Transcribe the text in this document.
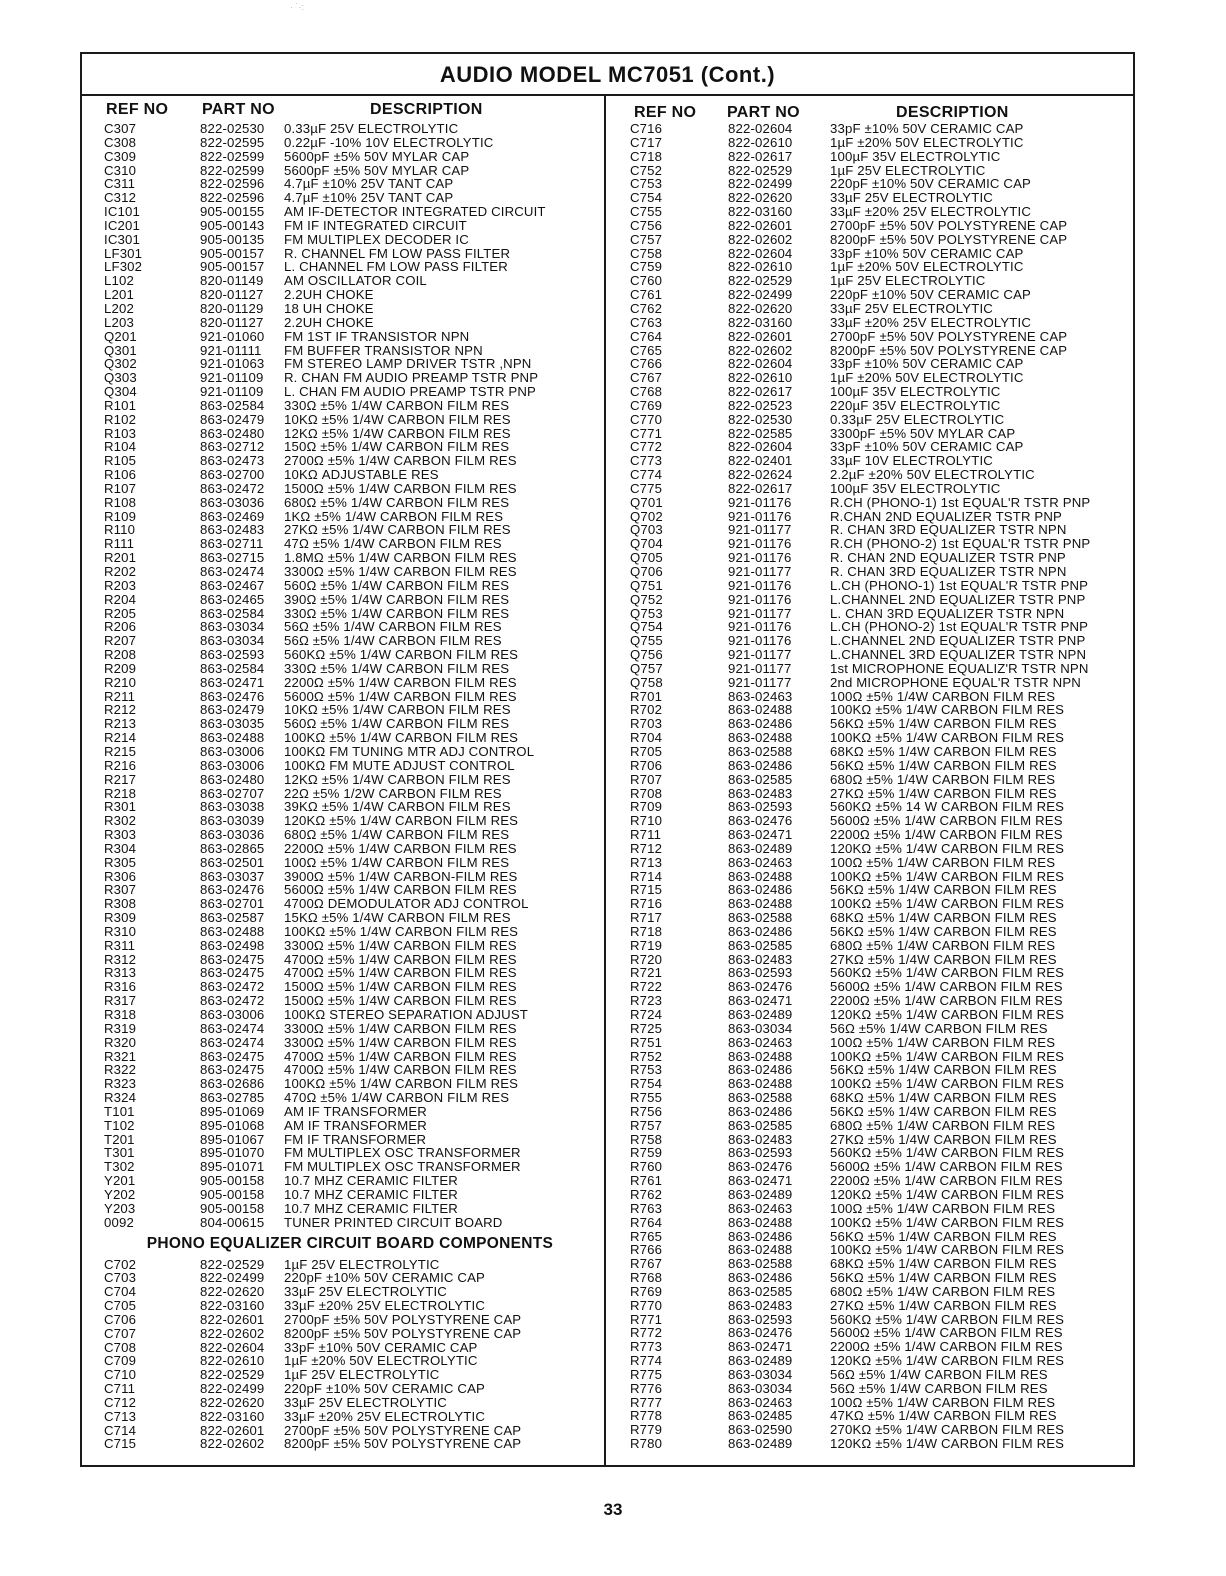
· ˙·:
AUDIO MODEL MC7051 (Cont.)
REF NO PART NO	DESCRIPTION
C307	822-02530 0.33µF 25V ELECTROLYTIC
C308	822-02595 0.22µF -10% 10V ELECTROLYTIC
C309	822-02599 5600pF ±5% 50V MYLAR CAP
C310	822-02599 5600pF ±5% 50V MYLAR CAP
C311	822-02596 4.7µF ±10% 25V TANT CAP
C312	822-02596 4.7µF ±10% 25V TANT CAP
IC101	905-00155 AM IF-DETECTOR INTEGRATED CIRCUIT
IC201	905-00143 FM IF INTEGRATED CIRCUIT
IC301	905-00135 FM MULTIPLEX DECODER IC
LF301	905-00157 R. CHANNEL FM LOW PASS FILTER
LF302	905-00157 L. CHANNEL FM LOW PASS FILTER
L102	820-01149 AM OSCILLATOR COIL
L201	820-01127 2.2UH CHOKE
L202	820-01129 18 UH CHOKE
L203	820-01127 2.2UH CHOKE
Q201	921-01060 FM 1ST IF TRANSISTOR NPN
Q301	921-01111 FM BUFFER TRANSISTOR NPN
Q302	921-01063 FM STEREO LAMP DRIVER TSTR ,NPN
Q303	921-01109 R. CHAN FM AUDIO PREAMP TSTR PNP
Q304	921-01109 L. CHAN FM AUDIO PREAMP TSTR PNP
R101	863-02584 330Ω ±5% 1/4W CARBON FILM RES
R102	863-02479 10KΩ ±5% 1/4W CARBON FILM RES
R103	863-02480 12KΩ ±5% 1/4W CARBON FILM RES
R104	863-02712 150Ω ±5% 1/4W CARBON FILM RES
R105	863-02473 2700Ω ±5% 1/4W CARBON FILM RES
R106	863-02700 10KΩ ADJUSTABLE RES
R107	863-02472 1500Ω ±5% 1/4W CARBON FILM RES
R108	863-03036 680Ω ±5% 1/4W CARBON FILM RES
R109	863-02469 1KΩ ±5% 1/4W CARBON FILM RES
R110	863-02483 27KΩ ±5% 1/4W CARBON FILM RES
R111	863-02711 47Ω ±5% 1/4W CARBON FILM RES
R201	863-02715 1.8MΩ ±5% 1/4W CARBON FILM RES
R202	863-02474 3300Ω ±5% 1/4W CARBON FILM RES
R203	863-02467 560Ω ±5% 1/4W CARBON FILM RES
R204	863-02465 390Ω ±5% 1/4W CARBON FILM RES
R205	863-02584 330Ω ±5% 1/4W CARBON FILM RES
R206	863-03034 56Ω ±5% 1/4W CARBON FILM RES
R207	863-03034 56Ω ±5% 1/4W CARBON FILM RES
R208	863-02593 560KΩ ±5% 1/4W CARBON FILM RES
R209	863-02584 330Ω ±5% 1/4W CARBON FILM RES
R210	863-02471 2200Ω ±5% 1/4W CARBON FILM RES
R211	863-02476 5600Ω ±5% 1/4W CARBON FILM RES
R212	863-02479 10KΩ ±5% 1/4W CARBON FILM RES
R213	863-03035 560Ω ±5% 1/4W CARBON FILM RES
R214	863-02488 100KΩ ±5% 1/4W CARBON FILM RES
R215	863-03006 100KΩ FM TUNING MTR ADJ CONTROL
R216	863-03006 100KΩ FM MUTE ADJUST CONTROL
R217	863-02480 12KΩ ±5% 1/4W CARBON FILM RES
R218	863-02707 22Ω ±5% 1/2W CARBON FILM RES
R301	863-03038 39KΩ ±5% 1/4W CARBON FILM RES
R302	863-03039 120KΩ ±5% 1/4W CARBON FILM RES
R303	863-03036 680Ω ±5% 1/4W CARBON FILM RES
R304	863-02865 2200Ω ±5% 1/4W CARBON FILM RES
R305	863-02501 100Ω ±5% 1/4W CARBON FILM RES
R306	863-03037 3900Ω ±5% 1/4W CARBON-FILM RES
R307	863-02476 5600Ω ±5% 1/4W CARBON FILM RES
R308	863-02701 4700Ω DEMODULATOR ADJ CONTROL
R309	863-02587 15KΩ ±5% 1/4W CARBON FILM RES
R310	863-02488 100KΩ ±5% 1/4W CARBON FILM RES
R311	863-02498 3300Ω ±5% 1/4W CARBON FILM RES
R312	863-02475 4700Ω ±5% 1/4W CARBON FILM RES
R313	863-02475 4700Ω ±5% 1/4W CARBON FILM RES
R316	863-02472 1500Ω ±5% 1/4W CARBON FILM RES
R317	863-02472 1500Ω ±5% 1/4W CARBON FILM RES
R318	863-03006 100KΩ STEREO SEPARATION ADJUST
R319	863-02474 3300Ω ±5% 1/4W CARBON FILM RES
R320	863-02474 3300Ω ±5% 1/4W CARBON FILM RES
R321	863-02475 4700Ω ±5% 1/4W CARBON FILM RES
R322	863-02475 4700Ω ±5% 1/4W CARBON FILM RES
R323	863-02686 100KΩ ±5% 1/4W CARBON FILM RES
R324	863-02785 470Ω ±5% 1/4W CARBON FILM RES
T101	895-01069 AM IF TRANSFORMER
T102	895-01068 AM IF TRANSFORMER
T201	895-01067 FM IF TRANSFORMER
T301	895-01070 FM MULTIPLEX OSC TRANSFORMER
T302	895-01071 FM MULTIPLEX OSC TRANSFORMER
Y201	905-00158 10.7 MHZ CERAMIC FILTER
Y202	905-00158 10.7 MHZ CERAMIC FILTER
Y203	905-00158 10.7 MHZ CERAMIC FILTER
0092	804-00615 TUNER PRINTED CIRCUIT BOARD
PHONO EQUALIZER CIRCUIT BOARD COMPONENTS
C702	822-02529 1µF 25V ELECTROLYTIC
C703	822-02499 220pF ±10% 50V CERAMIC CAP
C704	822-02620 33µF 25V ELECTROLYTIC
C705	822-03160 33µF ±20% 25V ELECTROLYTIC
C706	822-02601 2700pF ±5% 50V POLYSTYRENE CAP
C707	822-02602 8200pF ±5% 50V POLYSTYRENE CAP
C708	822-02604 33pF ±10% 50V CERAMIC CAP
C709	822-02610 1µF ±20% 50V ELECTROLYTIC
C710	822-02529 1µF 25V ELECTROLYTIC
C711	822-02499 220pF ±10% 50V CERAMIC CAP
C712	822-02620 33µF 25V ELECTROLYTIC
C713	822-03160 33µF ±20% 25V ELECTROLYTIC
C714	822-02601 2700pF ±5% 50V POLYSTYRENE CAP
C715	822-02602 8200pF ±5% 50V POLYSTYRENE CAP
REF NO PART NO	DESCRIPTION
C716	822-02604	33pF ±10% 50V CERAMIC CAP
C717	822-02610	1µF ±20% 50V ELECTROLYTIC
C718	822-02617	100µF 35V ELECTROLYTIC
C752	822-02529	1µF 25V ELECTROLYTIC
C753	822-02499	220pF ±10% 50V CERAMIC CAP
C754	822-02620	33µF 25V ELECTROLYTIC
C755	822-03160	33µF ±20% 25V ELECTROLYTIC
C756	822-02601	2700pF ±5% 50V POLYSTYRENE CAP
C757	822-02602	8200pF ±5% 50V POLYSTYRENE CAP
C758	822-02604	33pF ±10% 50V CERAMIC CAP
C759	822-02610	1µF ±20% 50V ELECTROLYTIC
C760	822-02529	1µF 25V ELECTROLYTIC
C761	822-02499	220pF ±10% 50V CERAMIC CAP
C762	822-02620	33µF 25V ELECTROLYTIC
C763	822-03160	33µF ±20% 25V ELECTROLYTIC
C764	822-02601	2700pF ±5% 50V POLYSTYRENE CAP
C765	822-02602	8200pF ±5% 50V POLYSTYRENE CAP
C766	822-02604	33pF ±10% 50V CERAMIC CAP
C767	822-02610	1µF ±20% 50V ELECTROLYTIC
C768	822-02617	100µF 35V ELECTROLYTIC
C769	822-02523	220µF 35V ELECTROLYTIC
C770	822-02530	0.33µF 25V ELECTROLYTIC
C771	822-02585	3300pF ±5% 50V MYLAR CAP
C772	822-02604	33pF ±10% 50V CERAMIC CAP
C773	822-02401	33µF 10V ELECTROLYTIC
C774	822-02624	2.2µF ±20% 50V ELECTROLYTIC
C775	822-02617	100µF 35V ELECTROLYTIC
Q701	921-01176	R.CH (PHONO-1) 1st EQUAL'R TSTR PNP
Q702	921-01176	R.CHAN 2ND EQUALIZER TSTR PNP
Q703	921-01177	R. CHAN 3RD EQUALIZER TSTR NPN
Q704	921-01176	R.CH (PHONO-2) 1st EQUAL'R TSTR PNP
Q705	921-01176	R. CHAN 2ND EQUALIZER TSTR PNP
Q706	921-01177	R. CHAN 3RD EQUALIZER TSTR NPN
Q751	921-01176	L.CH (PHONO-1) 1st EQUAL'R TSTR PNP
Q752	921-01176	L.CHANNEL 2ND EQUALIZER TSTR PNP
Q753	921-01177	L. CHAN 3RD EQUALIZER TSTR NPN
Q754	921-01176	L.CH (PHONO-2) 1st EQUAL'R TSTR PNP
Q755	921-01176	L.CHANNEL 2ND EQUALIZER TSTR PNP
Q756	921-01177	L.CHANNEL 3RD EQUALIZER TSTR NPN
Q757	921-01177	1st MICROPHONE EQUALIZ'R TSTR NPN
Q758	921-01177	2nd MICROPHONE EQUAL'R TSTR NPN
R701	863-02463	100Ω ±5% 1/4W CARBON FILM RES
R702	863-02488	100KΩ ±5% 1/4W CARBON FILM RES
R703	863-02486	56KΩ ±5% 1/4W CARBON FILM RES
R704	863-02488	100KΩ ±5% 1/4W CARBON FILM RES
R705	863-02588	68KΩ ±5% 1/4W CARBON FILM RES
R706	863-02486	56KΩ ±5% 1/4W CARBON FILM RES
R707	863-02585	680Ω ±5% 1/4W CARBON FILM RES
R708	863-02483	27KΩ ±5% 1/4W CARBON FILM RES
R709	863-02593	560KΩ ±5% 14 W CARBON FILM RES
R710	863-02476	5600Ω ±5% 1/4W CARBON FILM RES
R711	863-02471	2200Ω ±5% 1/4W CARBON FILM RES
R712	863-02489	120KΩ ±5% 1/4W CARBON FILM RES
R713	863-02463	100Ω ±5% 1/4W CARBON FILM RES
R714	863-02488	100KΩ ±5% 1/4W CARBON FILM RES
R715	863-02486	56KΩ ±5% 1/4W CARBON FILM RES
R716	863-02488	100KΩ ±5% 1/4W CARBON FILM RES
R717	863-02588	68KΩ ±5% 1/4W CARBON FILM RES
R718	863-02486	56KΩ ±5% 1/4W CARBON FILM RES
R719	863-02585	680Ω ±5% 1/4W CARBON FILM RES
R720	863-02483	27KΩ ±5% 1/4W CARBON FILM RES
R721	863-02593	560KΩ ±5% 1/4W CARBON FILM RES
R722	863-02476	5600Ω ±5% 1/4W CARBON FILM RES
R723	863-02471	2200Ω ±5% 1/4W CARBON FILM RES
R724	863-02489	120KΩ ±5% 1/4W CARBON FILM RES
R725	863-03034	56Ω ±5% 1/4W CARBON FILM RES
R751	863-02463	100Ω ±5% 1/4W CARBON FILM RES
R752	863-02488	100KΩ ±5% 1/4W CARBON FILM RES
R753	863-02486	56KΩ ±5% 1/4W CARBON FILM RES
R754	863-02488	100KΩ ±5% 1/4W CARBON FILM RES
R755	863-02588	68KΩ ±5% 1/4W CARBON FILM RES
R756	863-02486	56KΩ ±5% 1/4W CARBON FILM RES
R757	863-02585	680Ω ±5% 1/4W CARBON FILM RES
R758	863-02483	27KΩ ±5% 1/4W CARBON FILM RES
R759	863-02593	560KΩ ±5% 1/4W CARBON FILM RES
R760	863-02476	5600Ω ±5% 1/4W CARBON FILM RES
R761	863-02471	2200Ω ±5% 1/4W CARBON FILM RES
R762	863-02489	120KΩ ±5% 1/4W CARBON FILM RES
R763	863-02463	100Ω ±5% 1/4W CARBON FILM RES
R764	863-02488	100KΩ ±5% 1/4W CARBON FILM RES
R765	863-02486	56KΩ ±5% 1/4W CARBON FILM RES
R766	863-02488	100KΩ ±5% 1/4W CARBON FILM RES
R767	863-02588	68KΩ ±5% 1/4W CARBON FILM RES
R768	863-02486	56KΩ ±5% 1/4W CARBON FILM RES
R769	863-02585	680Ω ±5% 1/4W CARBON FILM RES
R770	863-02483	27KΩ ±5% 1/4W CARBON FILM RES
R771	863-02593	560KΩ ±5% 1/4W CARBON FILM RES
R772	863-02476	5600Ω ±5% 1/4W CARBON FILM RES
R773	863-02471	2200Ω ±5% 1/4W CARBON FILM RES
R774	863-02489	120KΩ ±5% 1/4W CARBON FILM RES
R775	863-03034	56Ω ±5% 1/4W CARBON FILM RES
R776	863-03034	56Ω ±5% 1/4W CARBON FILM RES
R777	863-02463	100Ω ±5% 1/4W CARBON FILM RES
R778	863-02485	47KΩ ±5% 1/4W CARBON FILM RES
R779	863-02590	270KΩ ±5% 1/4W CARBON FILM RES
R780	863-02489	120KΩ ±5% 1/4W CARBON FILM RES
33
